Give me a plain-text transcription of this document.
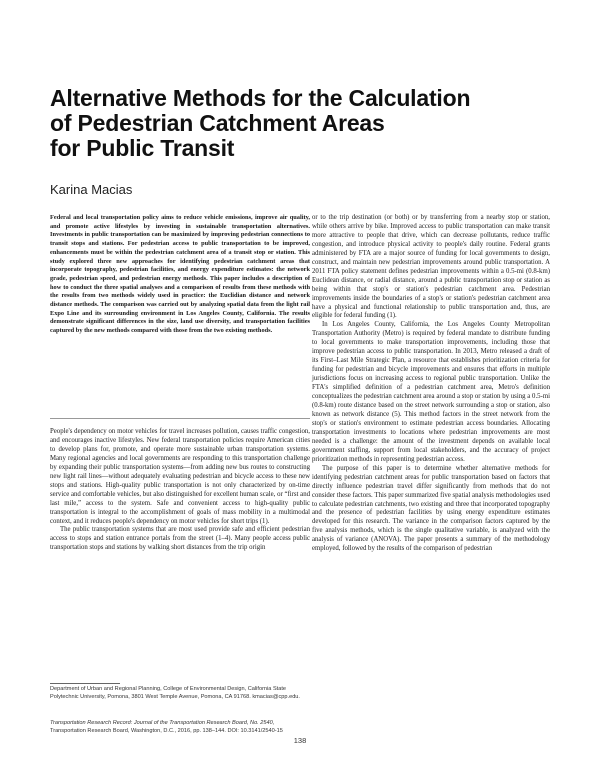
Alternative Methods for the Calculation
of Pedestrian Catchment Areas
for Public Transit
Karina Macias

Federal and local transportation policy aims to reduce vehicle emissions, improve air quality, and promote active lifestyles by investing in sustainable transportation alternatives. Investments in public transportation can be maximized by improving pedestrian connections to transit stops and stations. For pedestrian access to public transportation to be improved, enhancements must be within the pedestrian catchment area of a transit stop or station. This study explored three new approaches for identifying pedestrian catchment areas that incorporate topography, pedestrian facilities, and energy expenditure estimates: the network grade, pedestrian speed, and pedestrian energy methods. This paper includes a description of how to conduct the three spatial analyses and a comparison of results from these methods with the results from two methods widely used in practice: the Euclidian distance and network distance methods. The comparison was carried out by analyzing spatial data from the light rail Expo Line and its surrounding environment in Los Angeles County, California. The results demonstrate significant differences in the size, land use diversity, and transportation facilities captured by the new methods compared with those from the two existing methods.

People's dependency on motor vehicles for travel increases pollution, causes traffic congestion, and encourages inactive lifestyles. New federal transportation policies require American cities to develop plans for, promote, and operate more sustainable urban transportation systems. Many regional agencies and local governments are responding to this transportation challenge by expanding their public transportation systems—from adding new bus routes to constructing new light rail lines—without adequately evaluating pedestrian and bicycle access to these new stops and stations. High-quality public transportation is not only characterized by on-time service and comfortable vehicles, but also distinguished for excellent human scale, or “first and last mile,” access to the system. Safe and convenient access to high-quality public transportation is integral to the accomplishment of goals of mass mobility in a multimodal context, and it reduces people's dependency on motor vehicles for short trips (1).

The public transportation systems that are most used provide safe and efficient pedestrian access to stops and station entrance portals from the street (1–4). Many people access public transportation stops and stations by walking short distances from the trip origin

or to the trip destination (or both) or by transferring from a nearby stop or station, while others arrive by bike. Improved access to public transportation can make transit more attractive to people that drive, which can decrease pollutants, reduce traffic congestion, and introduce physical activity to people's daily routine. Federal grants administered by FTA are a major source of funding for local governments to design, construct, and maintain new pedestrian improvements around public transportation. A 2011 FTA policy statement defines pedestrian improvements within a 0.5-mi (0.8-km) Euclidean distance, or radial distance, around a public transportation stop or station as being within that stop's or station's pedestrian catchment area. Pedestrian improvements inside the boundaries of a stop's or station's pedestrian catchment area have a physical and functional relationship to public transportation and, thus, are eligible for federal funding (1).

In Los Angeles County, California, the Los Angeles County Metropolitan Transportation Authority (Metro) is required by federal mandate to distribute funding to local governments to make transportation improvements, including those that improve pedestrian access to public transportation. In 2013, Metro released a draft of its First–Last Mile Strategic Plan, a resource that establishes prioritization criteria for funding for pedestrian and bicycle improvements and ensures that efforts in multiple jurisdictions focus on increasing access to regional public transportation. Unlike the FTA's simplified definition of a pedestrian catchment area, Metro's definition conceptualizes the pedestrian catchment area around a stop or station by using a 0.5-mi (0.8-km) route distance based on the street network surrounding a stop or station, also known as network distance (5). This method factors in the street network from the stop's or station's environment to estimate pedestrian access boundaries. Allocating transportation investments to locations where pedestrian improvements are most needed is a challenge: the amount of the investment depends on available local government staffing, support from local stakeholders, and the accuracy of project prioritization methods in representing pedestrian access.

The purpose of this paper is to determine whether alternative methods for identifying pedestrian catchment areas for public transportation based on factors that directly influence pedestrian travel differ significantly from methods that do not consider these factors. This paper summarized five spatial analysis methodologies used to calculate pedestrian catchments, two existing and three that incorporated topography and the presence of pedestrian facilities by using energy expenditure estimates developed for this research. The variance in the comparison factors captured by the five analysis methods, which is the single qualitative variable, is analyzed with the analysis of variance (ANOVA). The paper presents a summary of the methodology employed, followed by the results of the comparison of pedestrian

Department of Urban and Regional Planning, College of Environmental Design, California State Polytechnic University, Pomona, 3801 West Temple Avenue, Pomona, CA 91768. kmacias@cpp.edu.
Transportation Research Record: Journal of the Transportation Research Board, No. 2540, Transportation Research Board, Washington, D.C., 2016, pp. 138–144. DOI: 10.3141/2540-15
138
